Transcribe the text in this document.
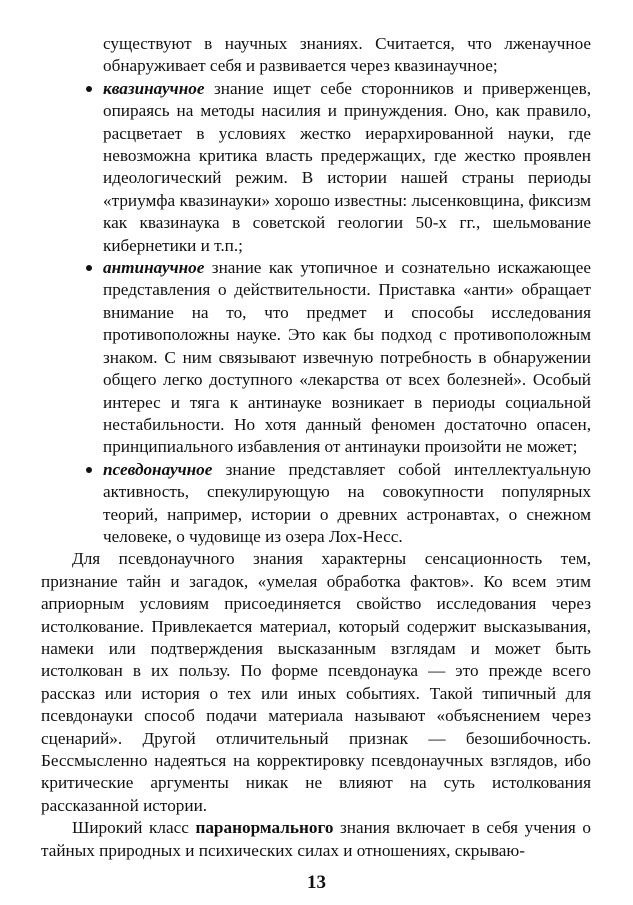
существуют в научных знаниях. Считается, что лженаучное обнаруживает себя и развивается через квазинаучное;

квазинаучное знание ищет себе сторонников и приверженцев, опираясь на методы насилия и принуждения. Оно, как правило, расцветает в условиях жестко иерархированной науки, где невозможна критика власть предержащих, где жестко проявлен идеологический режим. В истории нашей страны периоды «триумфа квазинауки» хорошо известны: лысенковщина, фиксизм как квазинаука в советской геологии 50-х гг., шельмование кибернетики и т.п.;
антинаучное знание как утопичное и сознательно искажающее представления о действительности. Приставка «анти» обращает внимание на то, что предмет и способы исследования противоположны науке. Это как бы подход с противоположным знаком. С ним связывают извечную потребность в обнаружении общего легко доступного «лекарства от всех болезней». Особый интерес и тяга к антинауке возникает в периоды социальной нестабильности. Но хотя данный феномен достаточно опасен, принципиального избавления от антинауки произойти не может;
псевдонаучное знание представляет собой интеллектуальную активность, спекулирующую на совокупности популярных теорий, например, истории о древних астронавтах, о снежном человеке, о чудовище из озера Лох-Несс.

Для псевдонаучного знания характерны сенсационность тем, признание тайн и загадок, «умелая обработка фактов». Ко всем этим априорным условиям присоединяется свойство исследования через истолкование. Привлекается материал, который содержит высказывания, намеки или подтверждения высказанным взглядам и может быть истолкован в их пользу. По форме псевдонаука — это прежде всего рассказ или история о тех или иных событиях. Такой типичный для псевдонауки способ подачи материала называют «объяснением через сценарий». Другой отличительный признак — безошибочность. Бессмысленно надеяться на корректировку псевдонаучных взглядов, ибо критические аргументы никак не влияют на суть истолкования рассказанной истории.

Широкий класс паранормального знания включает в себя учения о тайных природных и психических силах и отношениях, скрываю-

13
